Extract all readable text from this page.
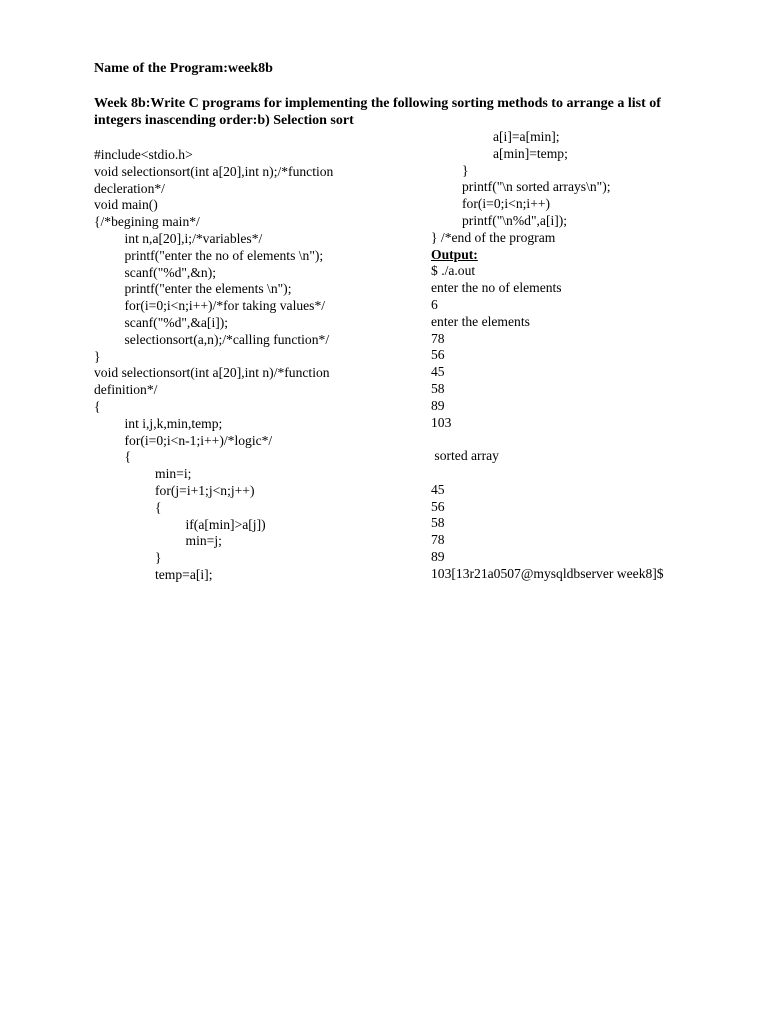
Name of the Program:week8b
Week 8b:Write C programs for implementing the following sorting methods to arrange a list of
integers inascending order:b) Selection sort
#include<stdio.h>
void selectionsort(int a[20],int n);/*function
decleration*/
void main()
{/*begining main*/
int n,a[20],i;/*variables*/
printf("enter the no of elements \n");
scanf("%d",&n);
printf("enter the elements \n");
for(i=0;i<n;i++)/*for taking values*/
scanf("%d",&a[i]);
selectionsort(a,n);/*calling function*/
}
void selectionsort(int a[20],int n)/*function
definition*/
{
int i,j,k,min,temp;
for(i=0;i<n-1;i++)/*logic*/
{
min=i;
for(j=i+1;j<n;j++)
{
if(a[min]>a[j])
min=j;
}
temp=a[i];
a[i]=a[min];
a[min]=temp;
}
printf("\n sorted arrays\n");
for(i=0;i<n;i++)
printf("\n%d",a[i]);
} /*end of the program
Output:
$ ./a.out
enter the no of elements
6
enter the elements
78
56
45
58
89
103

sorted array

45
56
58
78
89
103[13r21a0507@mysqldbserver week8]$
